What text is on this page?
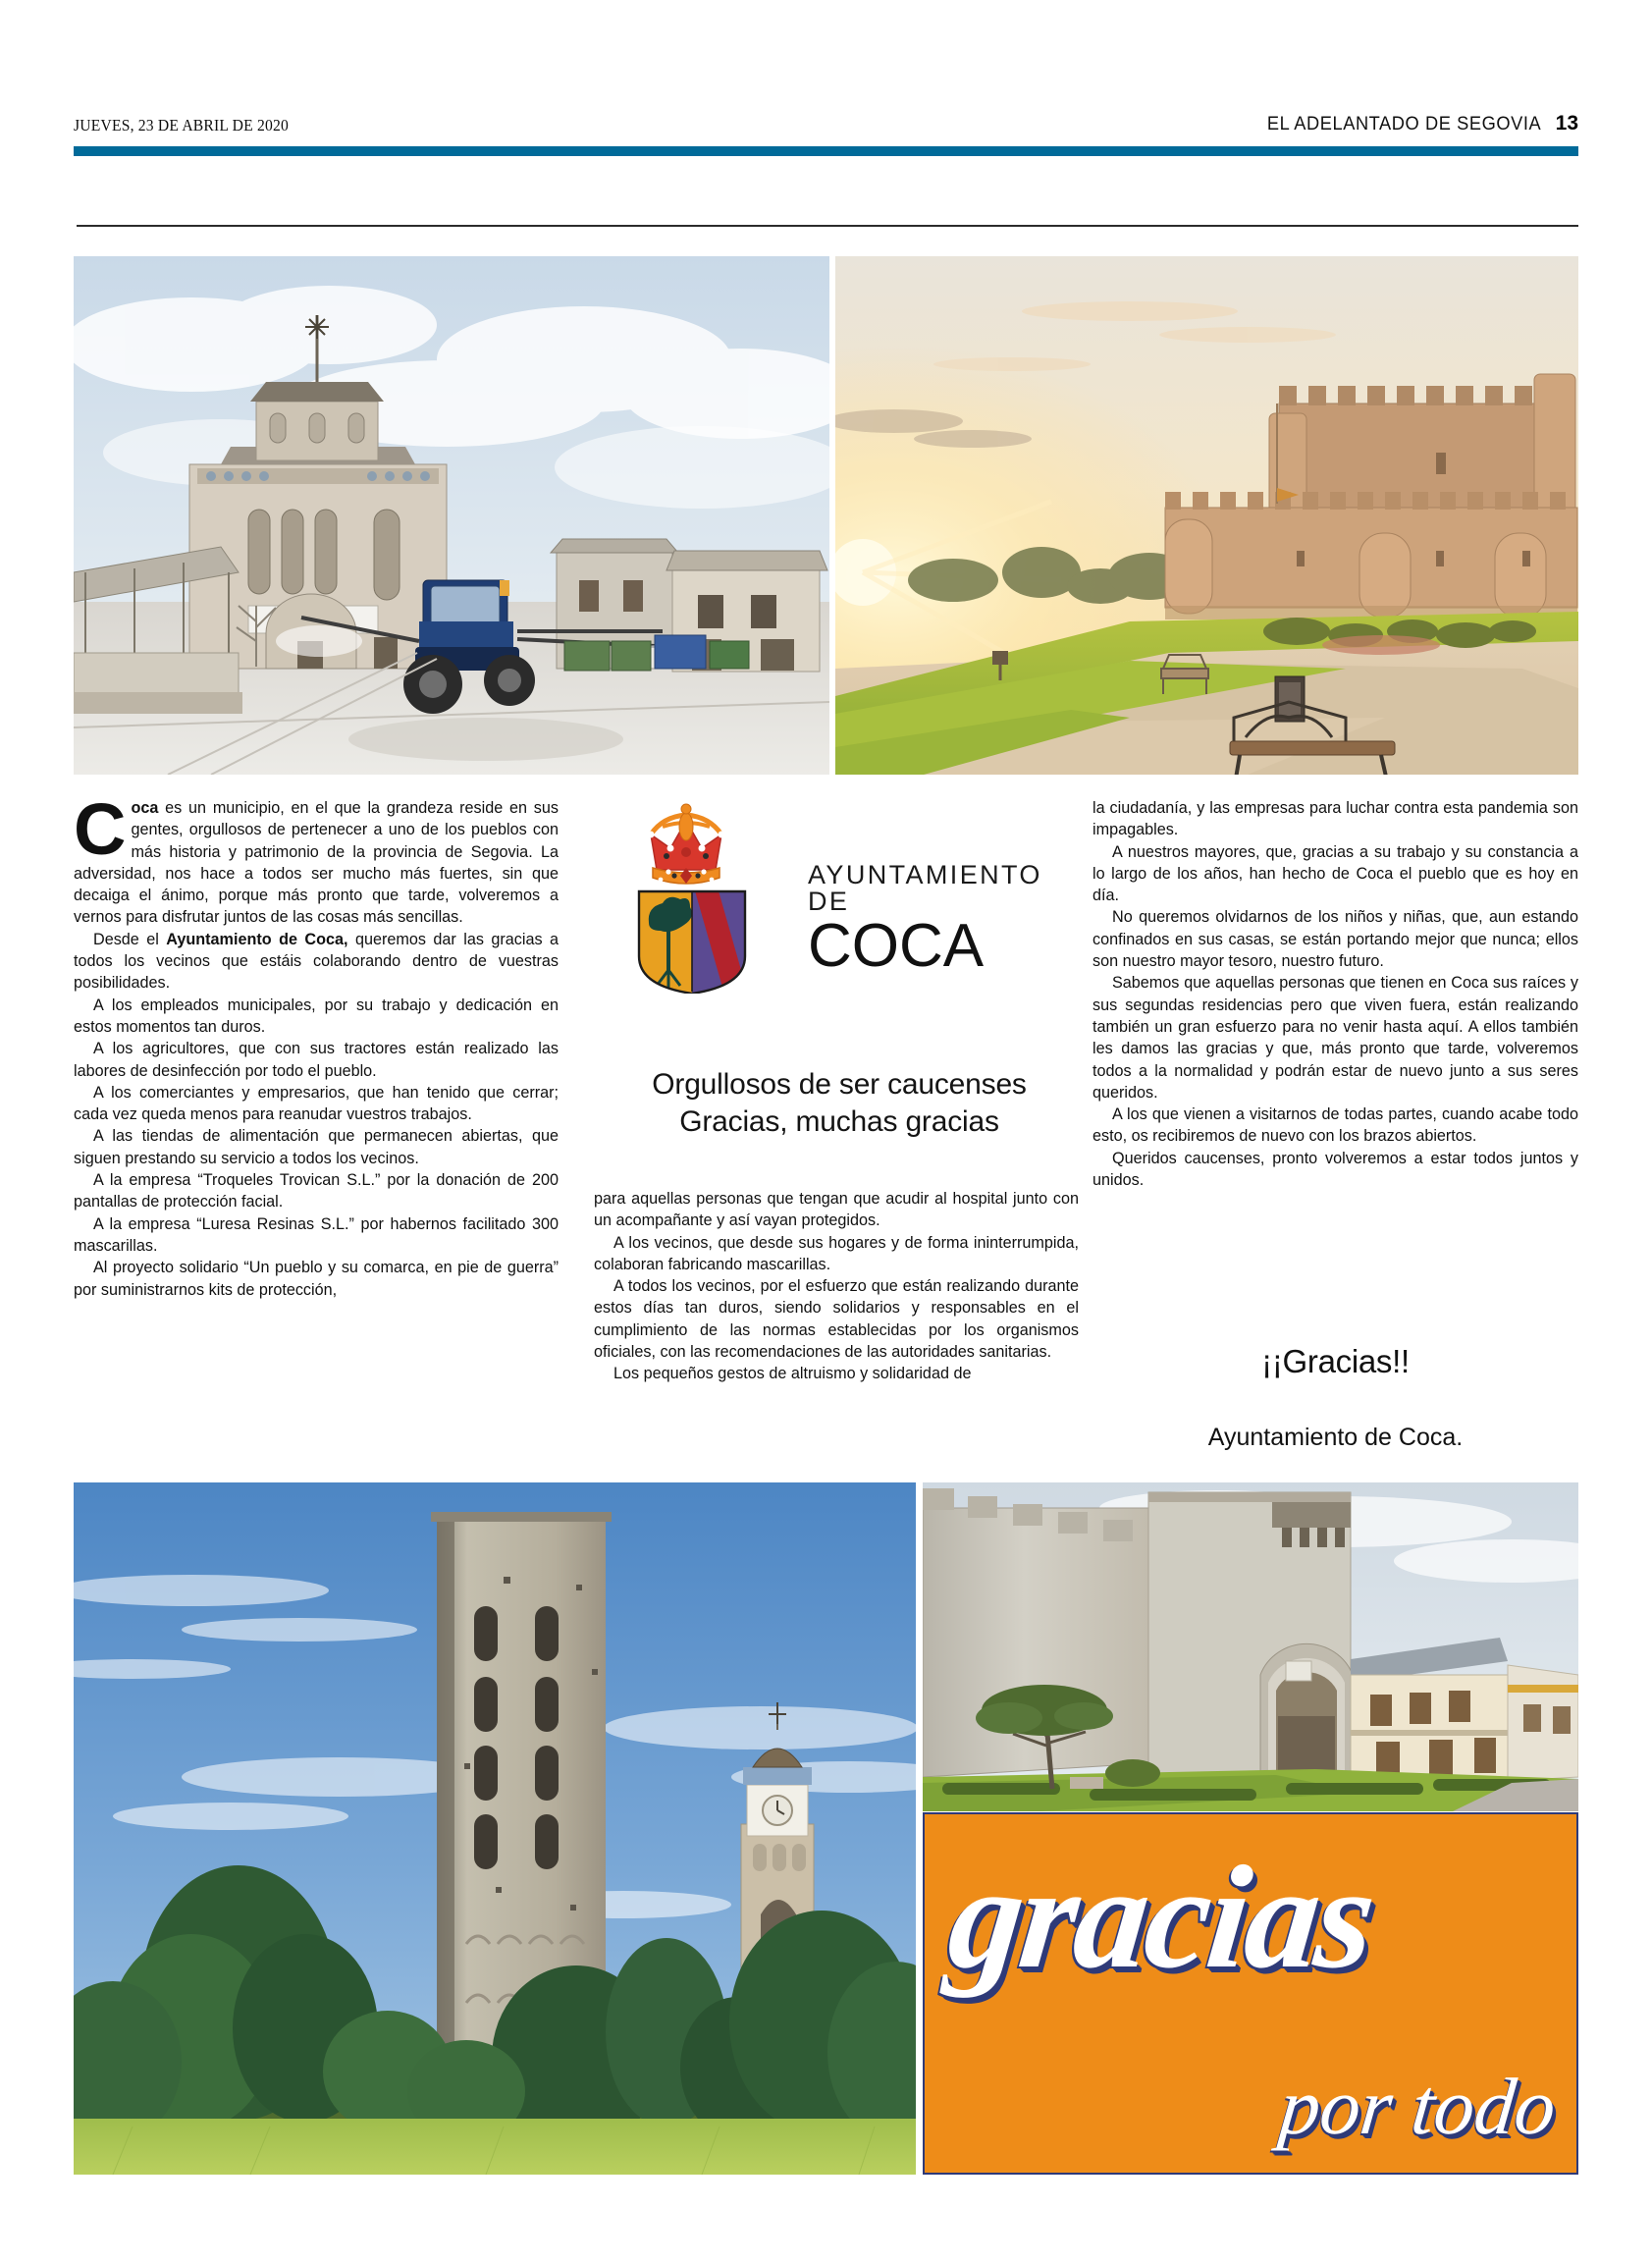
JUEVES, 23 DE ABRIL DE 2020	EL ADELANTADO DE SEGOVIA 13
AYUNTAMIENTO DE
COCA
Orgullosos de ser caucenses
Gracias, muchas gracias

Coca es un municipio, en el que la grandeza reside en sus gentes, orgullosos de pertenecer a uno de los pueblos con más historia y patrimonio de la provincia de Segovia. La adversidad, nos hace a todos ser mucho más fuertes, sin que decaiga el ánimo, porque más pronto que tarde, volveremos a vernos para disfrutar juntos de las cosas más sencillas.

Desde el Ayuntamiento de Coca, queremos dar las gracias a todos los vecinos que estáis colaborando dentro de vuestras posibilidades.

A los empleados municipales, por su trabajo y dedicación en estos momentos tan duros.

A los agricultores, que con sus tractores están realizado las labores de desinfección por todo el pueblo.

A los comerciantes y empresarios, que han tenido que cerrar; cada vez queda menos para reanudar vuestros trabajos.

A las tiendas de alimentación que permanecen abiertas, que siguen prestando su servicio a todos los vecinos.

A la empresa “Troqueles Trovican S.L.” por la donación de 200 pantallas de protección facial.

A la empresa “Luresa Resinas S.L.” por habernos facilitado 300 mascarillas.

Al proyecto solidario “Un pueblo y su comarca, en pie de guerra” por suministrarnos kits de protección,

para aquellas personas que tengan que acudir al hospital junto con un acompañante y así vayan protegidos.

A los vecinos, que desde sus hogares y de forma ininterrumpida, colaboran fabricando mascarillas.

A todos los vecinos, por el esfuerzo que están realizando durante estos días tan duros, siendo solidarios y responsables en el cumplimiento de las normas establecidas por los organismos oficiales, con las recomendaciones de las autoridades sanitarias.

Los pequeños gestos de altruismo y solidaridad de

la ciudadanía, y las empresas para luchar contra esta pandemia son impagables.

A nuestros mayores, que, gracias a su trabajo y su constancia a lo largo de los años, han hecho de Coca el pueblo que es hoy en día.

No queremos olvidarnos de los niños y niñas, que, aun estando confinados en sus casas, se están portando mejor que nunca; ellos son nuestro mayor tesoro, nuestro futuro.

Sabemos que aquellas personas que tienen en Coca sus raíces y sus segundas residencias pero que viven fuera, están realizando también un gran esfuerzo para no venir hasta aquí. A ellos también les damos las gracias y que, más pronto que tarde, volveremos todos a la normalidad y podrán estar de nuevo junto a sus seres queridos.

A los que vienen a visitarnos de todas partes, cuando acabe todo esto, os recibiremos de nuevo con los brazos abiertos.

Queridos caucenses, pronto volveremos a estar todos juntos y unidos.

¡¡Gracias!!
Ayuntamiento de Coca.
gracias
por todo
